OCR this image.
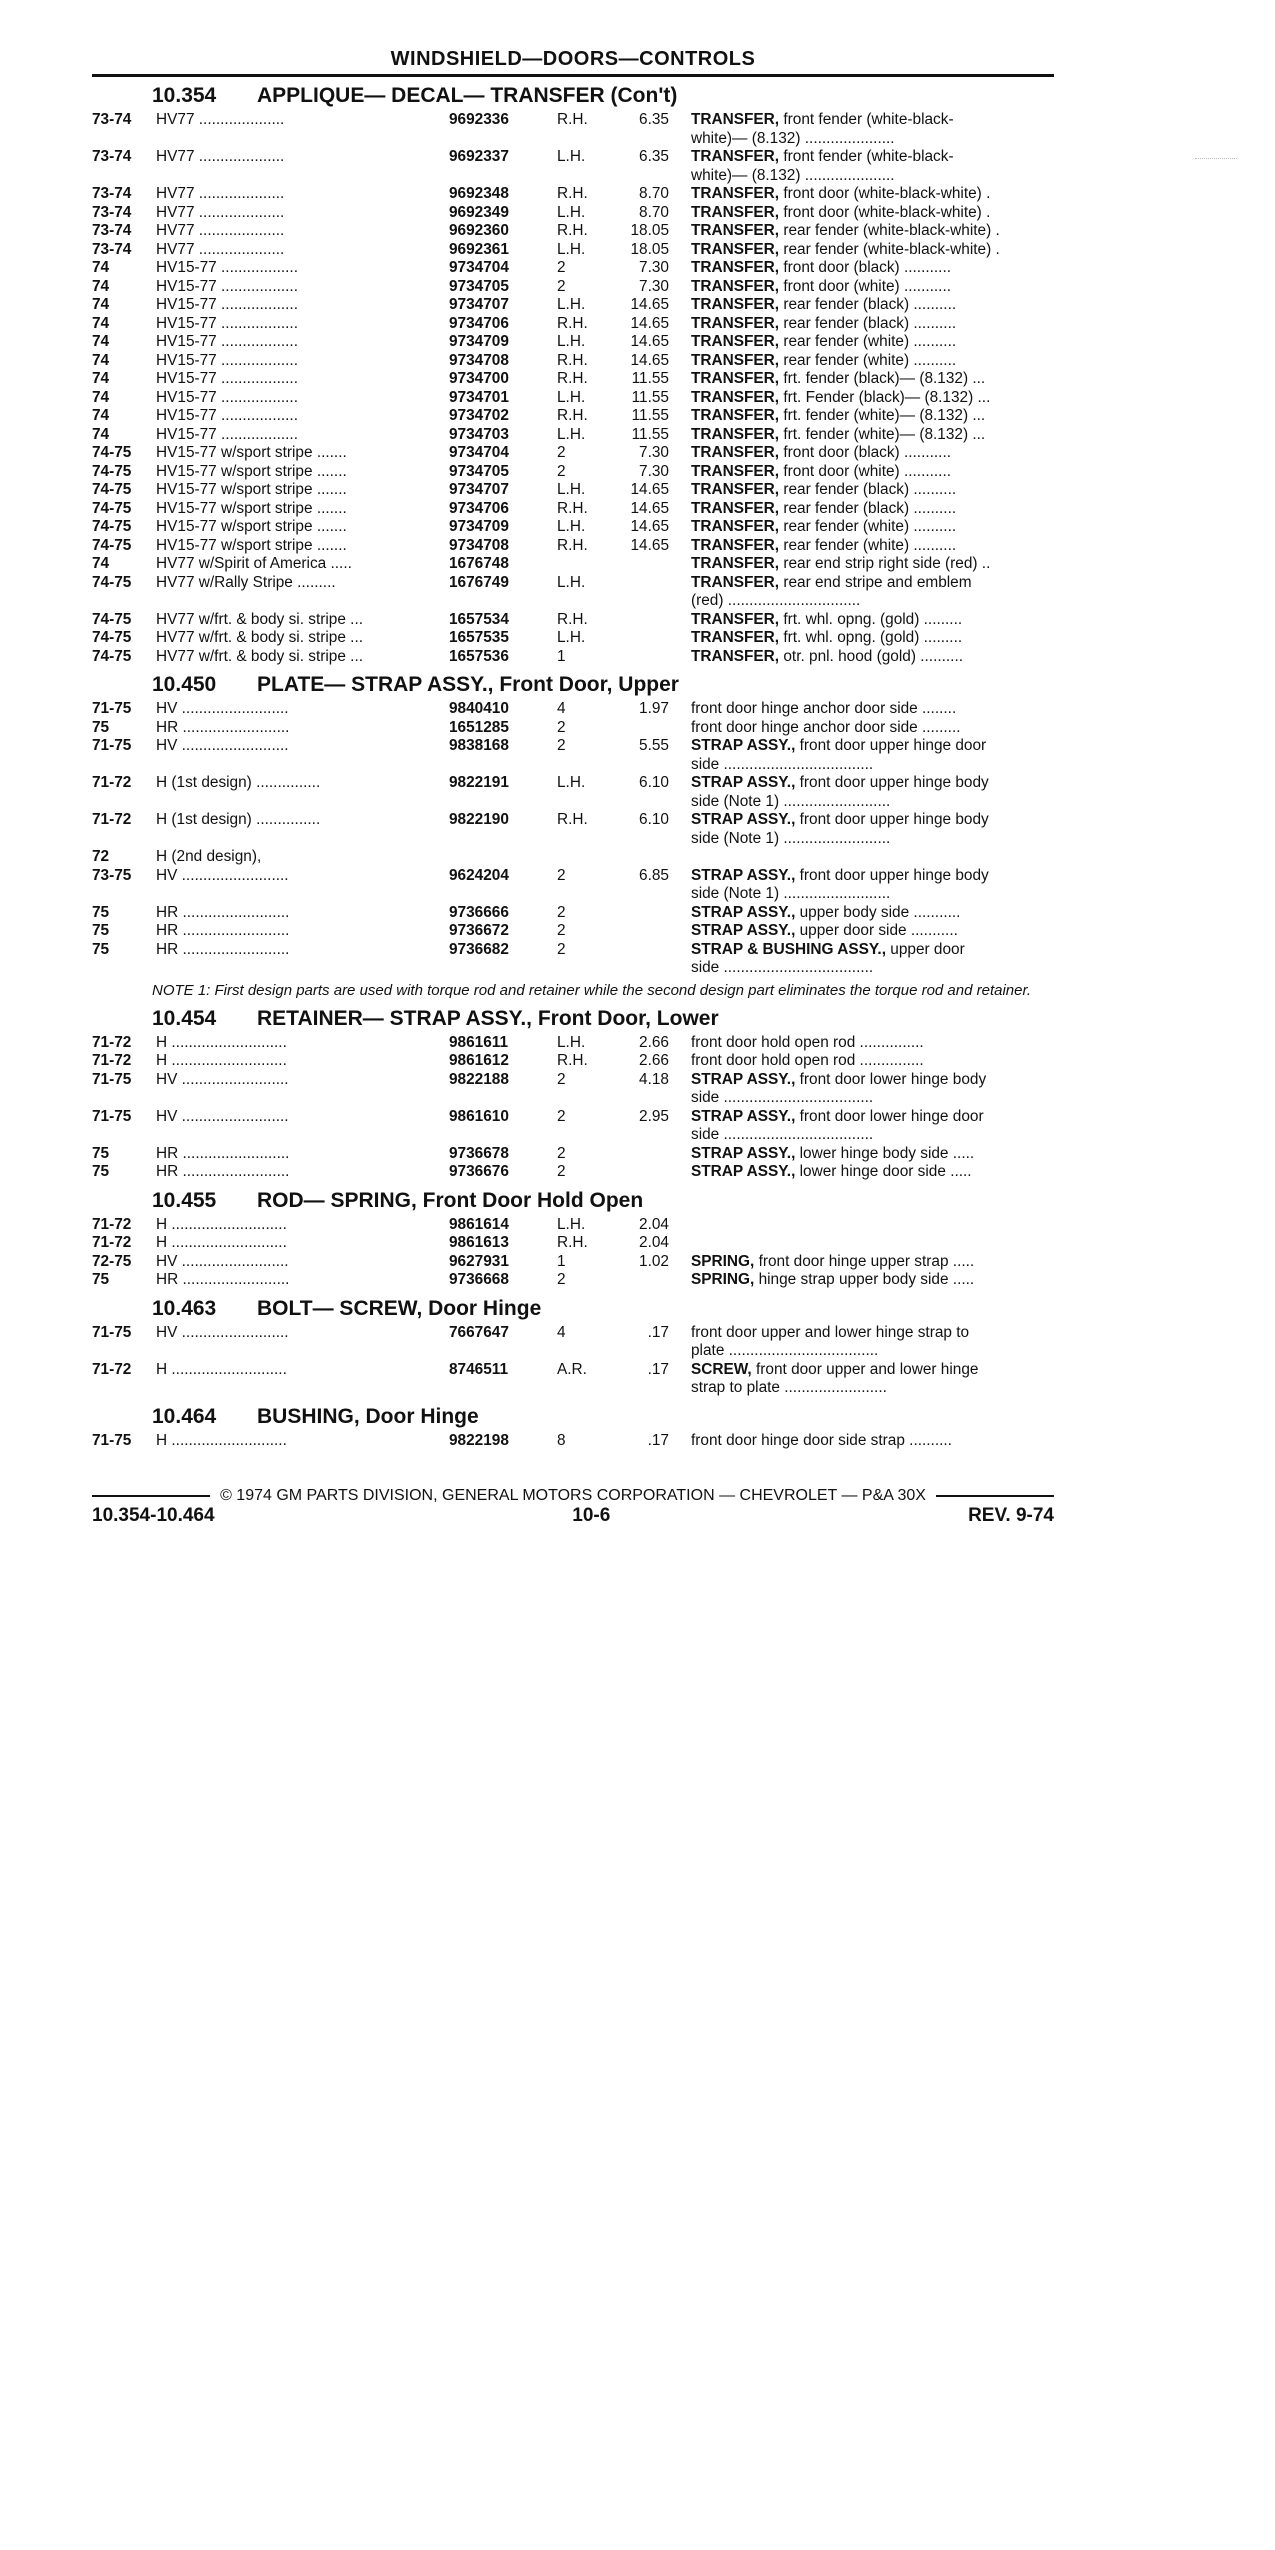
WINDSHIELD—DOORS—CONTROLS
10.354	APPLIQUE— DECAL— TRANSFER (Con't)
73-74	HV77 ....................	9692336	R.H.	6.35 TRANSFER, front fender (white-black-
white)— (8.132) .....................
73-74	HV77 ....................	9692337	L.H.	6.35 TRANSFER, front fender (white-black-
white)— (8.132) .....................
73-74	HV77 ....................	9692348	R.H.	8.70 TRANSFER, front door (white-black-white) .
73-74	HV77 ....................	9692349	L.H.	8.70 TRANSFER, front door (white-black-white) .
73-74	HV77 ....................	9692360	R.H.	18.05 TRANSFER, rear fender (white-black-white) .
73-74	HV77 ....................	9692361	L.H.	18.05 TRANSFER, rear fender (white-black-white) .
74	HV15-77 ..................	9734704	2	7.30 TRANSFER, front door (black) ...........
74	HV15-77 ..................	9734705	2	7.30 TRANSFER, front door (white) ...........
74	HV15-77 ..................	9734707	L.H.	14.65 TRANSFER, rear fender (black) ..........
74	HV15-77 ..................	9734706	R.H.	14.65 TRANSFER, rear fender (black) ..........
74	HV15-77 ..................	9734709	L.H.	14.65 TRANSFER, rear fender (white) ..........
74	HV15-77 ..................	9734708	R.H.	14.65 TRANSFER, rear fender (white) ..........
74	HV15-77 ..................	9734700	R.H.	11.55 TRANSFER, frt. fender (black)— (8.132) ...
74	HV15-77 ..................	9734701	L.H.	11.55 TRANSFER, frt. Fender (black)— (8.132) ...
74	HV15-77 ..................	9734702	R.H.	11.55 TRANSFER, frt. fender (white)— (8.132) ...
74	HV15-77 ..................	9734703	L.H.	11.55 TRANSFER, frt. fender (white)— (8.132) ...
74-75	HV15-77 w/sport stripe .......	9734704	2	7.30 TRANSFER, front door (black) ...........
74-75	HV15-77 w/sport stripe .......	9734705	2	7.30 TRANSFER, front door (white) ...........
74-75	HV15-77 w/sport stripe .......	9734707	L.H.	14.65 TRANSFER, rear fender (black) ..........
74-75	HV15-77 w/sport stripe .......	9734706	R.H.	14.65 TRANSFER, rear fender (black) ..........
74-75	HV15-77 w/sport stripe .......	9734709	L.H.	14.65 TRANSFER, rear fender (white) ..........
74-75	HV15-77 w/sport stripe .......	9734708	R.H.	14.65 TRANSFER, rear fender (white) ..........
74	HV77 w/Spirit of America .....	1676748	TRANSFER, rear end strip right side (red) ..
74-75	HV77 w/Rally Stripe .........	1676749	L.H.	TRANSFER, rear end stripe and emblem
(red) ...............................
74-75	HV77 w/frt. & body si. stripe ...	1657534	R.H.	TRANSFER, frt. whl. opng. (gold) .........
74-75	HV77 w/frt. & body si. stripe ...	1657535	L.H.	TRANSFER, frt. whl. opng. (gold) .........
74-75	HV77 w/frt. & body si. stripe ...	1657536	1	TRANSFER, otr. pnl. hood (gold) ..........
10.450	PLATE— STRAP ASSY., Front Door, Upper
71-75	HV .........................	9840410	4	1.97 front door hinge anchor door side ........
75	HR .........................	1651285	2	front door hinge anchor door side .........
71-75	HV .........................	9838168	2	5.55 STRAP ASSY., front door upper hinge door
side ...................................
71-72	H (1st design) ...............	9822191	L.H.	6.10 STRAP ASSY., front door upper hinge body
side (Note 1) .........................
71-72	H (1st design) ...............	9822190	R.H.	6.10 STRAP ASSY., front door upper hinge body
side (Note 1) .........................
72	H (2nd design),
73-75	HV .........................	9624204	2	6.85 STRAP ASSY., front door upper hinge body
side (Note 1) .........................
75	HR .........................	9736666	2	STRAP ASSY., upper body side ...........
75	HR .........................	9736672	2	STRAP ASSY., upper door side ...........
75	HR .........................	9736682	2	STRAP & BUSHING ASSY., upper door
side ...................................
NOTE 1: First design parts are used with torque rod and retainer while the second design part eliminates the torque rod and retainer.
10.454	RETAINER— STRAP ASSY., Front Door, Lower
71-72	H ...........................	9861611	L.H.	2.66 front door hold open rod ...............
71-72	H ...........................	9861612	R.H.	2.66 front door hold open rod ...............
71-75	HV .........................	9822188	2	4.18 STRAP ASSY., front door lower hinge body
side ...................................
71-75	HV .........................	9861610	2	2.95 STRAP ASSY., front door lower hinge door
side ...................................
75	HR .........................	9736678	2	STRAP ASSY., lower hinge body side .....
75	HR .........................	9736676	2	STRAP ASSY., lower hinge door side .....
10.455	ROD— SPRING, Front Door Hold Open
71-72	H ...........................	9861614	L.H.	2.04
71-72	H ...........................	9861613	R.H.	2.04
72-75	HV .........................	9627931	1	1.02 SPRING, front door hinge upper strap .....
75	HR .........................	9736668	2	SPRING, hinge strap upper body side .....
10.463	BOLT— SCREW, Door Hinge
71-75	HV .........................	7667647	4	.17 front door upper and lower hinge strap to
plate ...................................
71-72	H ...........................	8746511	A.R.	.17 SCREW, front door upper and lower hinge
strap to plate ........................
10.464	BUSHING, Door Hinge
71-75	H ...........................	9822198	8	.17 front door hinge door side strap ..........
© 1974 GM PARTS DIVISION, GENERAL MOTORS CORPORATION — CHEVROLET — P&A 30X
10.354-10.464	10-6	REV. 9-74
